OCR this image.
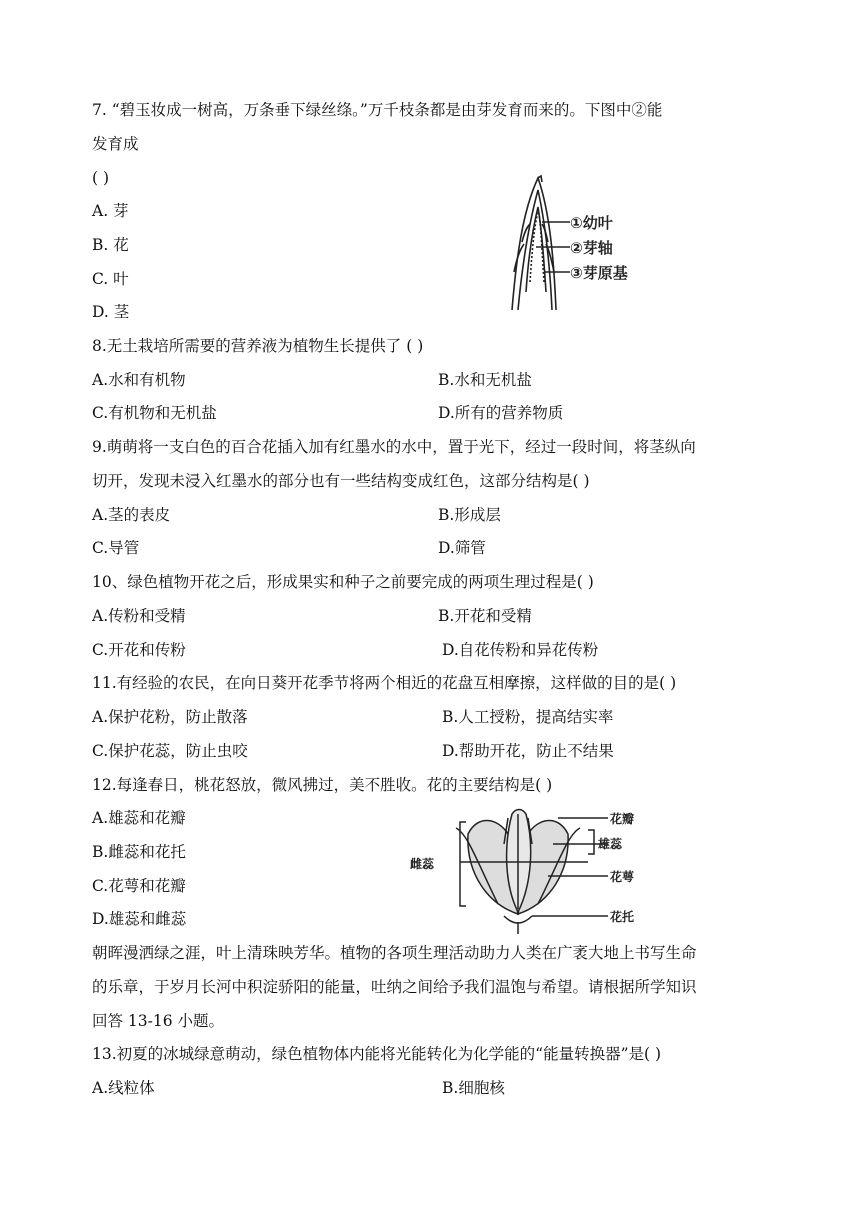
7. “碧玉妆成一树高，万条垂下绿丝绦。”万千枝条都是由芽发育而来的。下图中②能
发育成
( )
A. 芽
B. 花
C. 叶
D. 茎
①幼叶
②芽轴
③芽原基
8.无土栽培所需要的营养液为植物生长提供了 ( )
A.水和有机物	B.水和无机盐
C.有机物和无机盐	D.所有的营养物质
9.萌萌将一支白色的百合花插入加有红墨水的水中，置于光下，经过一段时间，将茎纵向
切开，发现未浸入红墨水的部分也有一些结构变成红色，这部分结构是( )
A.茎的表皮	B.形成层
C.导管	D.筛管
10、绿色植物开花之后，形成果实和种子之前要完成的两项生理过程是( )
A.传粉和受精	B.开花和受精
C.开花和传粉	D.自花传粉和异花传粉
11.有经验的农民，在向日葵开花季节将两个相近的花盘互相摩擦，这样做的目的是( )
A.保护花粉，防止散落	B.人工授粉，提高结实率
C.保护花蕊，防止虫咬	D.帮助开花，防止不结果
12.每逢春日，桃花怒放，微风拂过，美不胜收。花的主要结构是( )
A.雄蕊和花瓣
B.雌蕊和花托
C.花萼和花瓣
D.雄蕊和雌蕊
花瓣
雄蕊
雌蕊
花萼
花托
朝晖漫洒绿之涯，叶上清珠映芳华。植物的各项生理活动助力人类在广袤大地上书写生命
的乐章，于岁月长河中积淀骄阳的能量，吐纳之间给予我们温饱与希望。请根据所学知识
回答 13-16 小题。
13.初夏的冰城绿意萌动，绿色植物体内能将光能转化为化学能的“能量转换器”是( )
A.线粒体	B.细胞核
